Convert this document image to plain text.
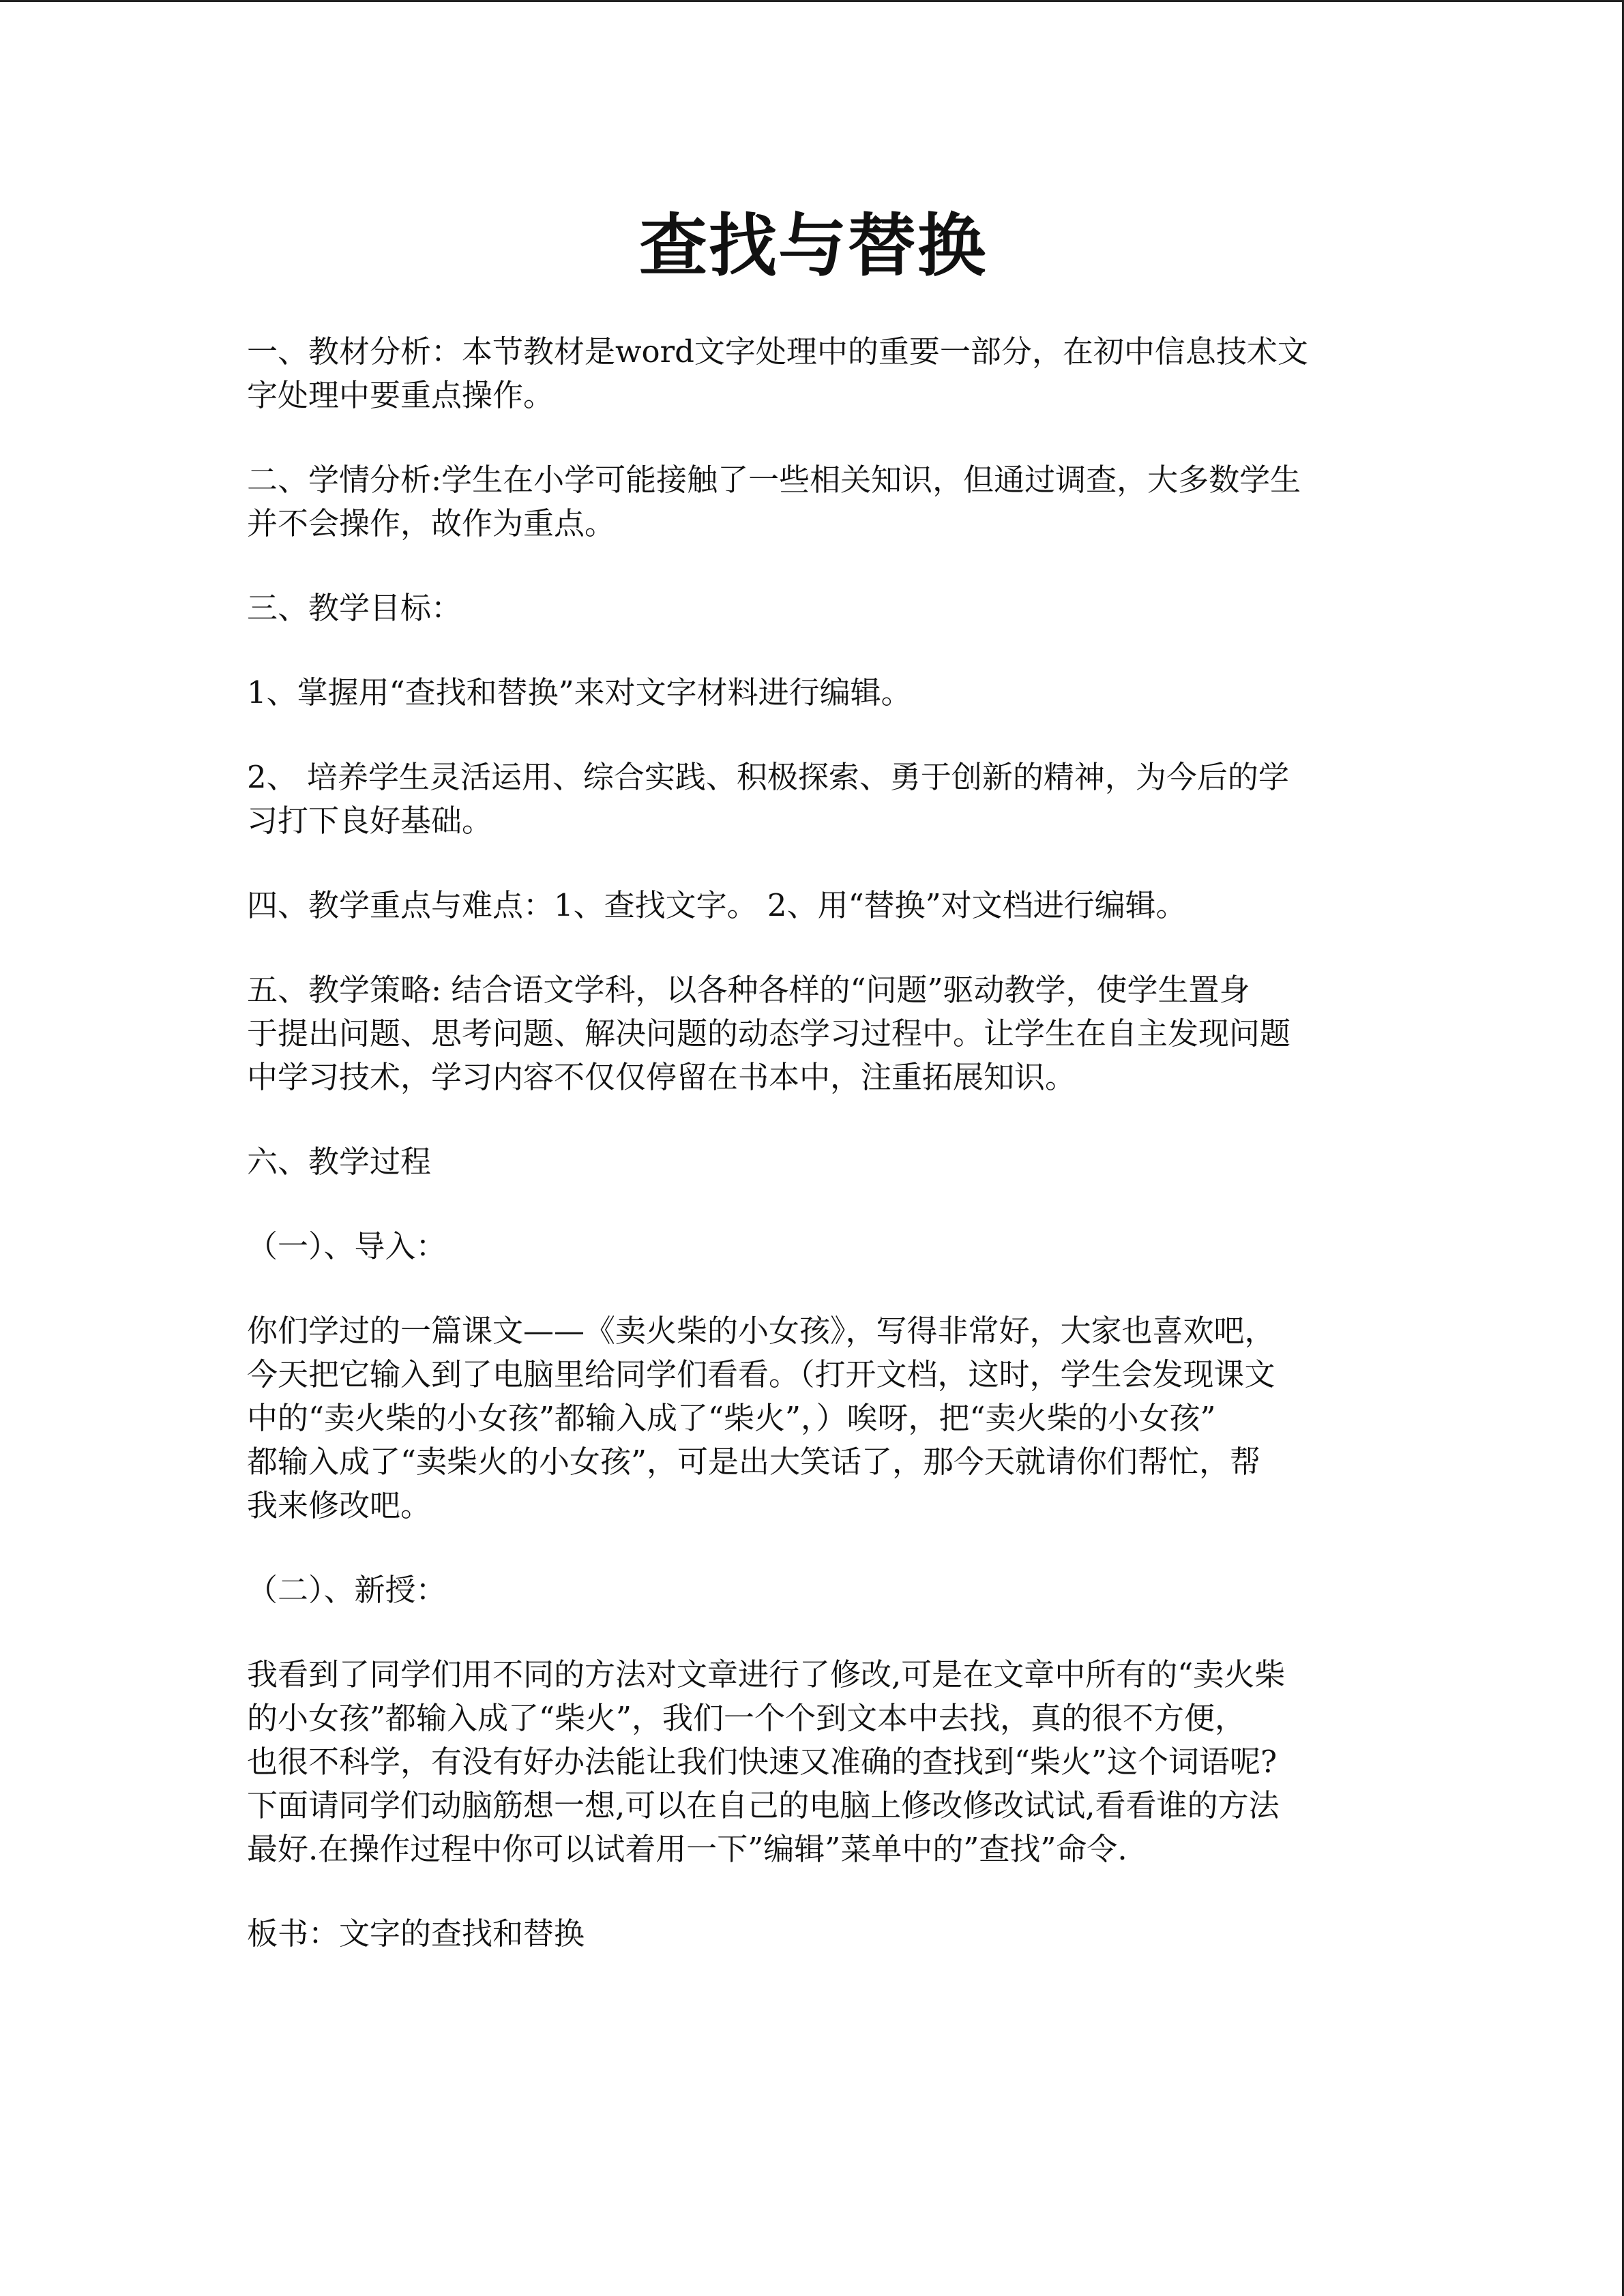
查找与替换

一、教材分析：本节教材是word文字处理中的重要一部分，在初中信息技术文
字处理中要重点操作。

二、学情分析:学生在小学可能接触了一些相关知识，但通过调查，大多数学生
并不会操作，故作为重点。

三、教学目标：

1、掌握用“查找和替换”来对文字材料进行编辑。

2、 培养学生灵活运用、综合实践、积极探索、勇于创新的精神，为今后的学
习打下良好基础。

四、教学重点与难点：1、查找文字。 2、用“替换”对文档进行编辑。

五、教学策略: 结合语文学科，以各种各样的“问题”驱动教学，使学生置身
于提出问题、思考问题、解决问题的动态学习过程中。让学生在自主发现问题
中学习技术，学习内容不仅仅停留在书本中，注重拓展知识。

六、教学过程

（一）、导入：

你们学过的一篇课文——《卖火柴的小女孩》，写得非常好，大家也喜欢吧，
今天把它输入到了电脑里给同学们看看。（打开文档，这时，学生会发现课文
中的“卖火柴的小女孩”都输入成了“柴火”，）唉呀，把“卖火柴的小女孩”
都输入成了“卖柴火的小女孩”，可是出大笑话了，那今天就请你们帮忙，帮
我来修改吧。

（二）、新授：

我看到了同学们用不同的方法对文章进行了修改,可是在文章中所有的“卖火柴
的小女孩”都输入成了“柴火”，我们一个个到文本中去找，真的很不方便，
也很不科学，有没有好办法能让我们快速又准确的查找到“柴火”这个词语呢?
下面请同学们动脑筋想一想,可以在自己的电脑上修改修改试试,看看谁的方法
最好.在操作过程中你可以试着用一下”编辑”菜单中的”查找”命令.

板书：文字的查找和替换
